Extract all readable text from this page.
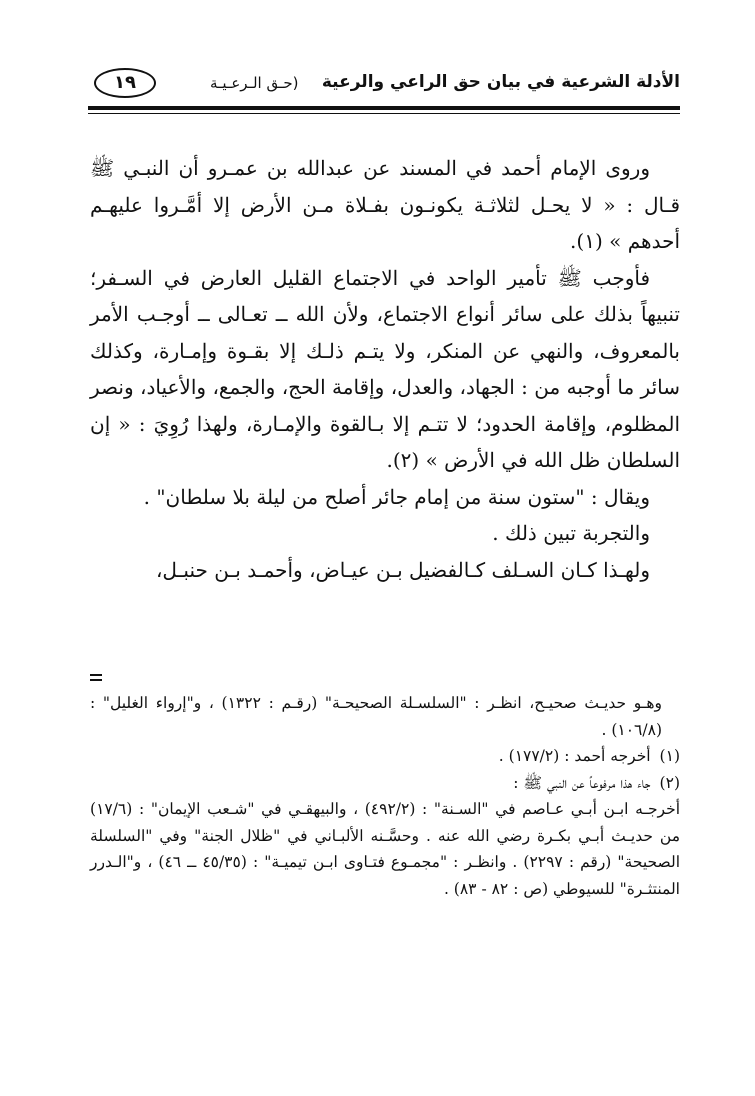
الأدلة الشرعية في بيان حق الراعي والرعية
(حـق الـرعـيـة
١٩

وروى الإمام أحمد في المسند عن عبدالله بن عمـرو أن النبـي ﷺ قـال : « لا يحـل لثلاثـة يكونـون بفـلاة مـن الأرض إلا أمَّـروا عليهـم أحدهم » (١).

فأوجب ﷺ تأمير الواحد في الاجتماع القليل العارض في السـفر؛ تنبيهاً بذلك على سائر أنواع الاجتماع، ولأن الله ــ تعـالى ــ أوجـب الأمر بالمعروف، والنهي عن المنكر، ولا يتـم ذلـك إلا بقـوة وإمـارة، وكذلك سائر ما أوجبه من : الجهاد، والعدل، وإقامة الحج، والجمع، والأعياد، ونصر المظلوم، وإقامة الحدود؛ لا تتـم إلا بـالقوة والإمـارة، ولهذا رُوِيَ : « إن السلطان ظل الله في الأرض » (٢).

ويقال : "ستون سنة من إمام جائر أصلح من ليلة بلا سلطان" .

والتجربة تبين ذلك .

ولهـذا كـان السـلف كـالفضيل بـن عيـاض، وأحمـد بـن حنبـل،

وهـو حديـث صحيـح، انظـر : "السلسـلة الصحيحـة" (رقـم : ١٣٢٢) ، و"إرواء الغليل" : (١٠٦/٨) .

(١) أخرجه أحمد : (١٧٧/٢) .

(٢) جاء هذا مرفوعاً عن النبي ﷺ :

أخرجـه ابـن أبـي عـاصم في "السـنة" : (٤٩٢/٢) ، والبيهقـي في "شـعب الإيمان" : (١٧/٦) من حديـث أبـي بكـرة رضي الله عنه . وحسَّـنه الألبـاني في "ظلال الجنة" وفي "السلسلة الصحيحة" (رقم : ٢٢٩٧) . وانظـر : "مجمـوع فتـاوى ابـن تيميـة" : (٤٥/٣٥ ــ ٤٦) ، و"الـدرر المنتثـرة" للسيوطي (ص : ٨٢ - ٨٣) .
